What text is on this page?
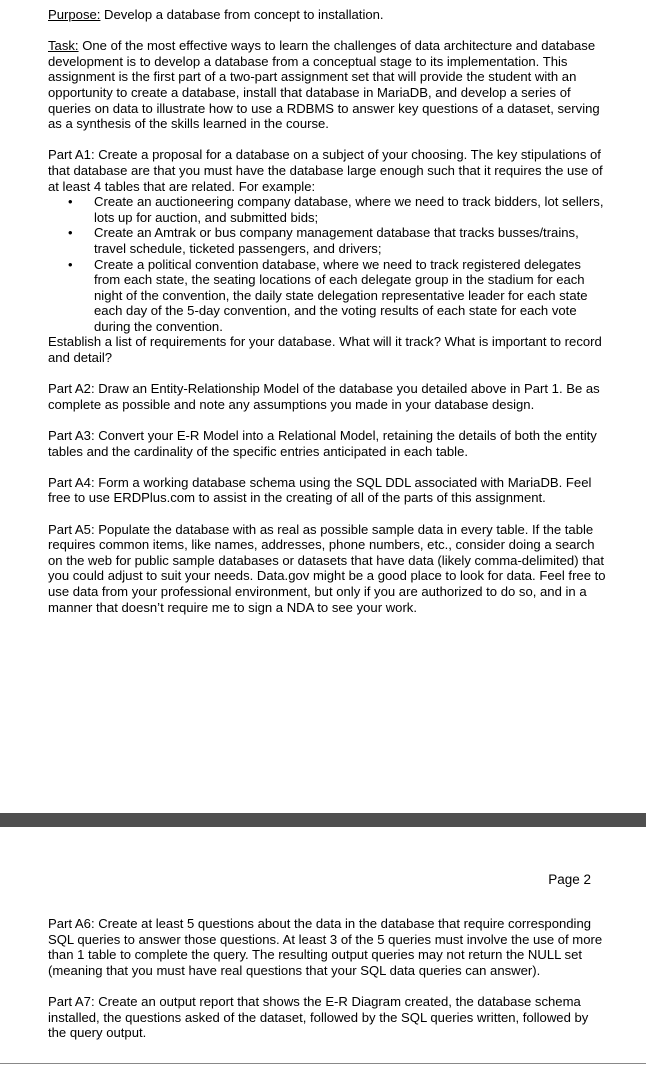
Purpose: Develop a database from concept to installation.

Task: One of the most effective ways to learn the challenges of data architecture and database development is to develop a database from a conceptual stage to its implementation. This assignment is the first part of a two-part assignment set that will provide the student with an opportunity to create a database, install that database in MariaDB, and develop a series of queries on data to illustrate how to use a RDBMS to answer key questions of a dataset, serving as a synthesis of the skills learned in the course.

Part A1: Create a proposal for a database on a subject of your choosing. The key stipulations of that database are that you must have the database large enough such that it requires the use of at least 4 tables that are related. For example:
• Create an auctioneering company database, where we need to track bidders, lot sellers, lots up for auction, and submitted bids;
• Create an Amtrak or bus company management database that tracks busses/trains, travel schedule, ticketed passengers, and drivers;
• Create a political convention database, where we need to track registered delegates from each state, the seating locations of each delegate group in the stadium for each night of the convention, the daily state delegation representative leader for each state each day of the 5-day convention, and the voting results of each state for each vote during the convention.
Establish a list of requirements for your database. What will it track? What is important to record and detail?

Part A2: Draw an Entity-Relationship Model of the database you detailed above in Part 1. Be as complete as possible and note any assumptions you made in your database design.

Part A3: Convert your E-R Model into a Relational Model, retaining the details of both the entity tables and the cardinality of the specific entries anticipated in each table.

Part A4: Form a working database schema using the SQL DDL associated with MariaDB. Feel free to use ERDPlus.com to assist in the creating of all of the parts of this assignment.

Part A5: Populate the database with as real as possible sample data in every table. If the table requires common items, like names, addresses, phone numbers, etc., consider doing a search on the web for public sample databases or datasets that have data (likely comma-delimited) that you could adjust to suit your needs. Data.gov might be a good place to look for data. Feel free to use data from your professional environment, but only if you are authorized to do so, and in a manner that doesn’t require me to sign a NDA to see your work.

Page 2

Part A6: Create at least 5 questions about the data in the database that require corresponding SQL queries to answer those questions. At least 3 of the 5 queries must involve the use of more than 1 table to complete the query. The resulting output queries may not return the NULL set (meaning that you must have real questions that your SQL data queries can answer).

Part A7: Create an output report that shows the E-R Diagram created, the database schema installed, the questions asked of the dataset, followed by the SQL queries written, followed by the query output.
